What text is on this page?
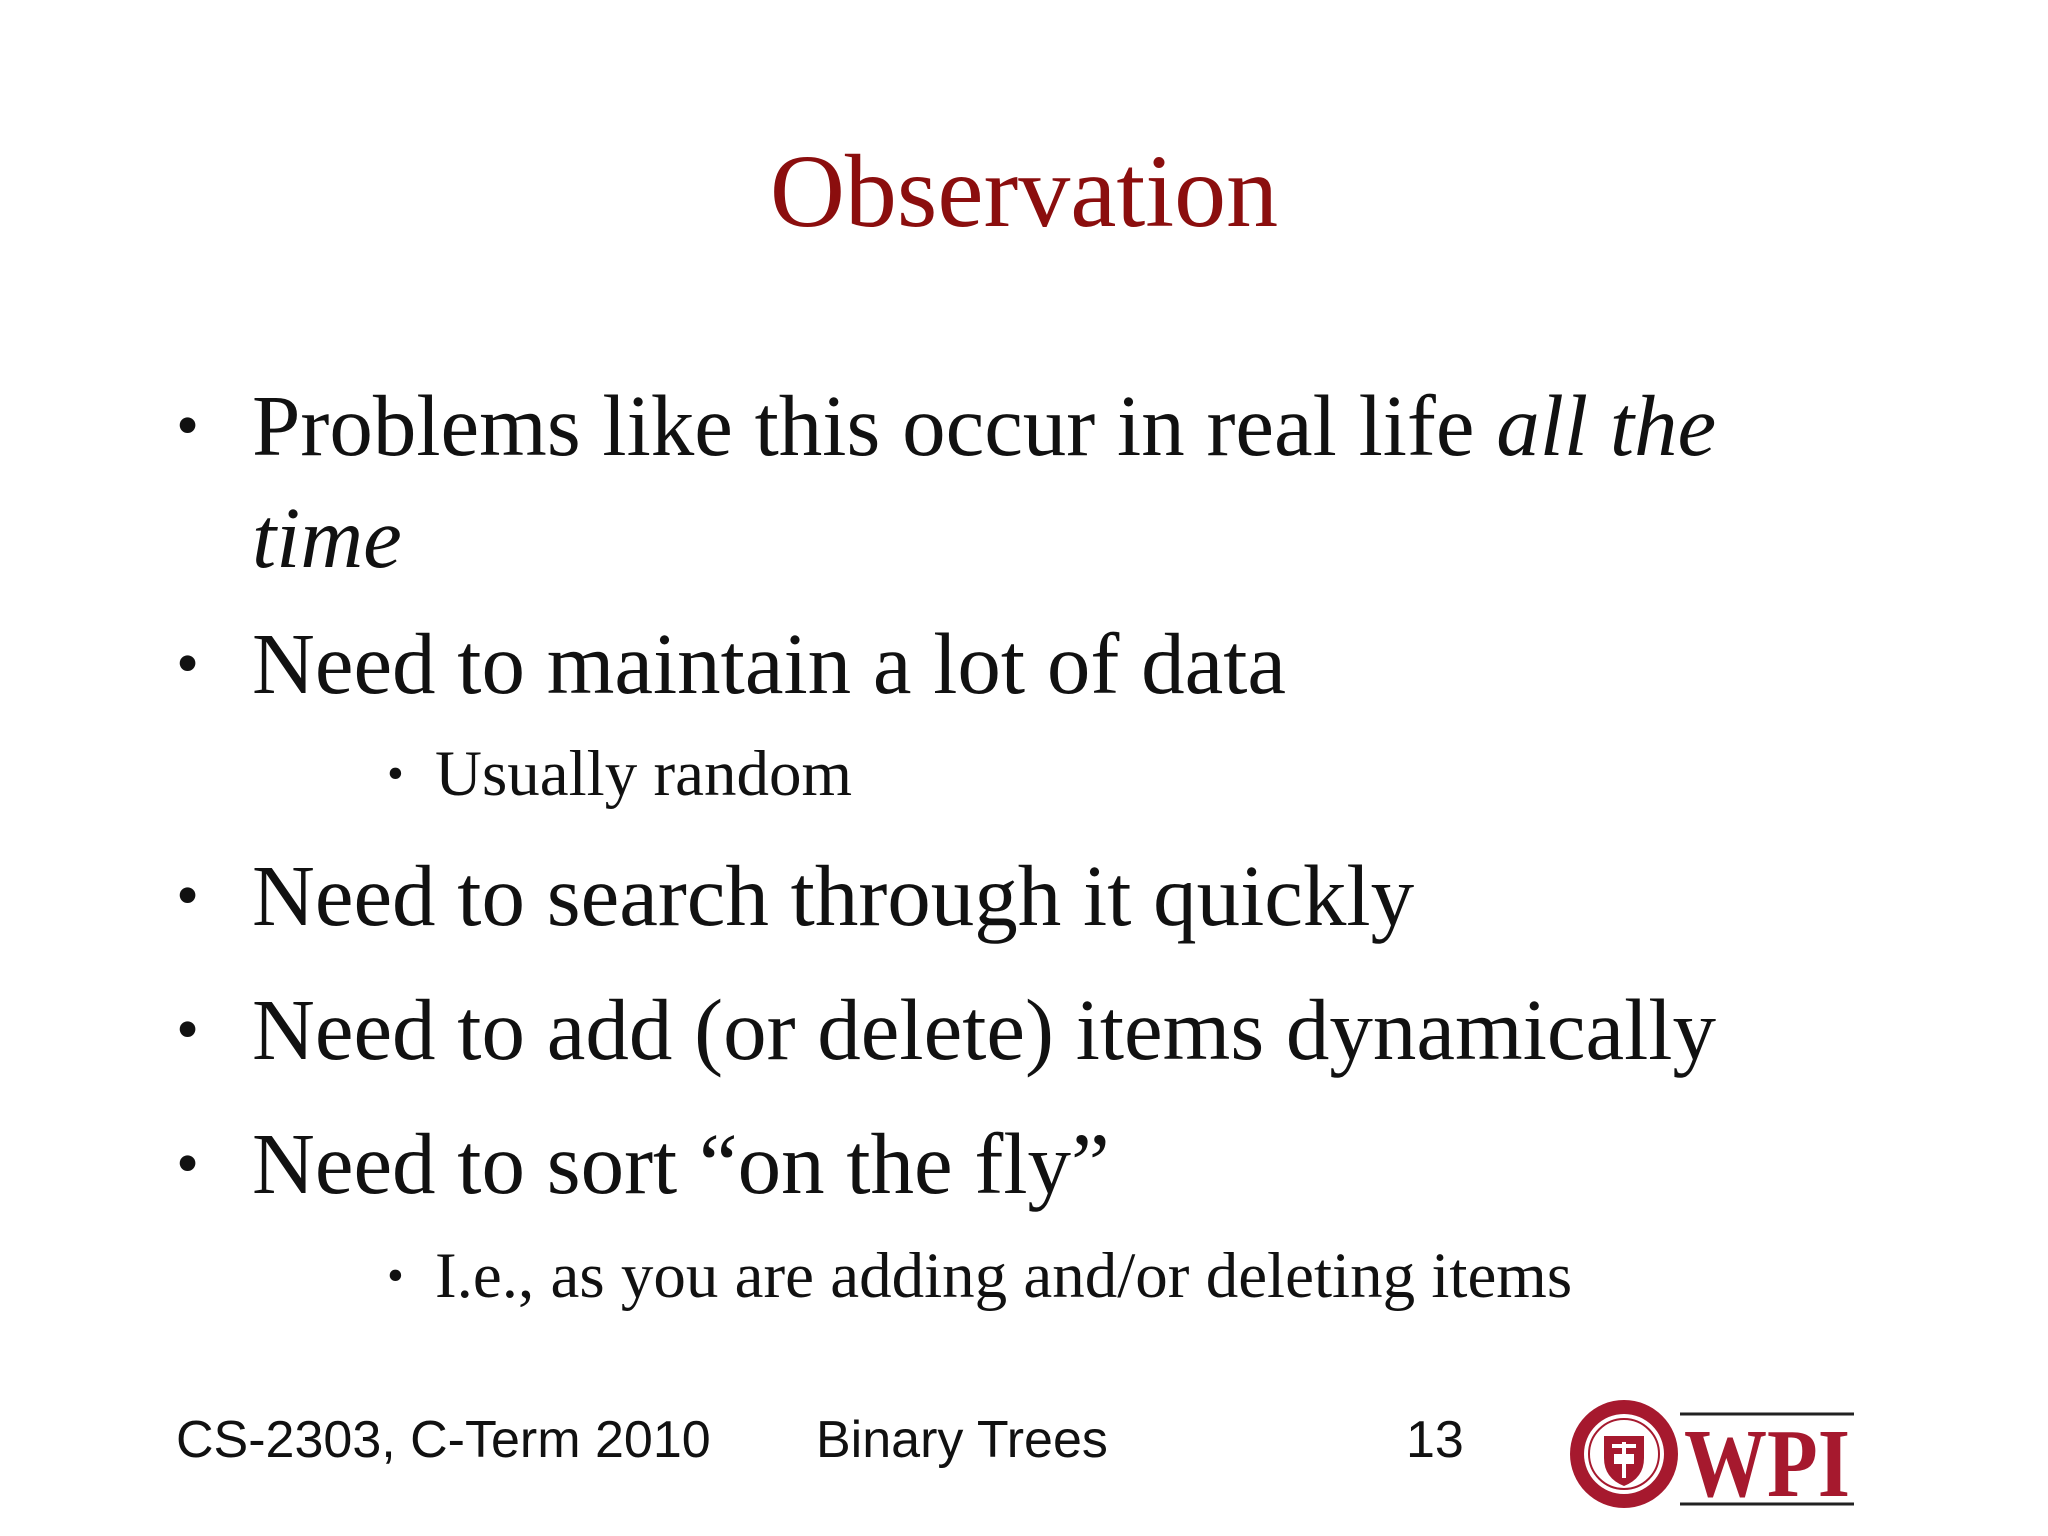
Observation
• Problems like this occur in real life all the time
• Need to maintain a lot of data
• Usually random
• Need to search through it quickly
• Need to add (or delete) items dynamically
• Need to sort “on the fly”
• I.e., as you are adding and/or deleting items
CS-2303, C-Term 2010 Binary Trees	13 WPI
